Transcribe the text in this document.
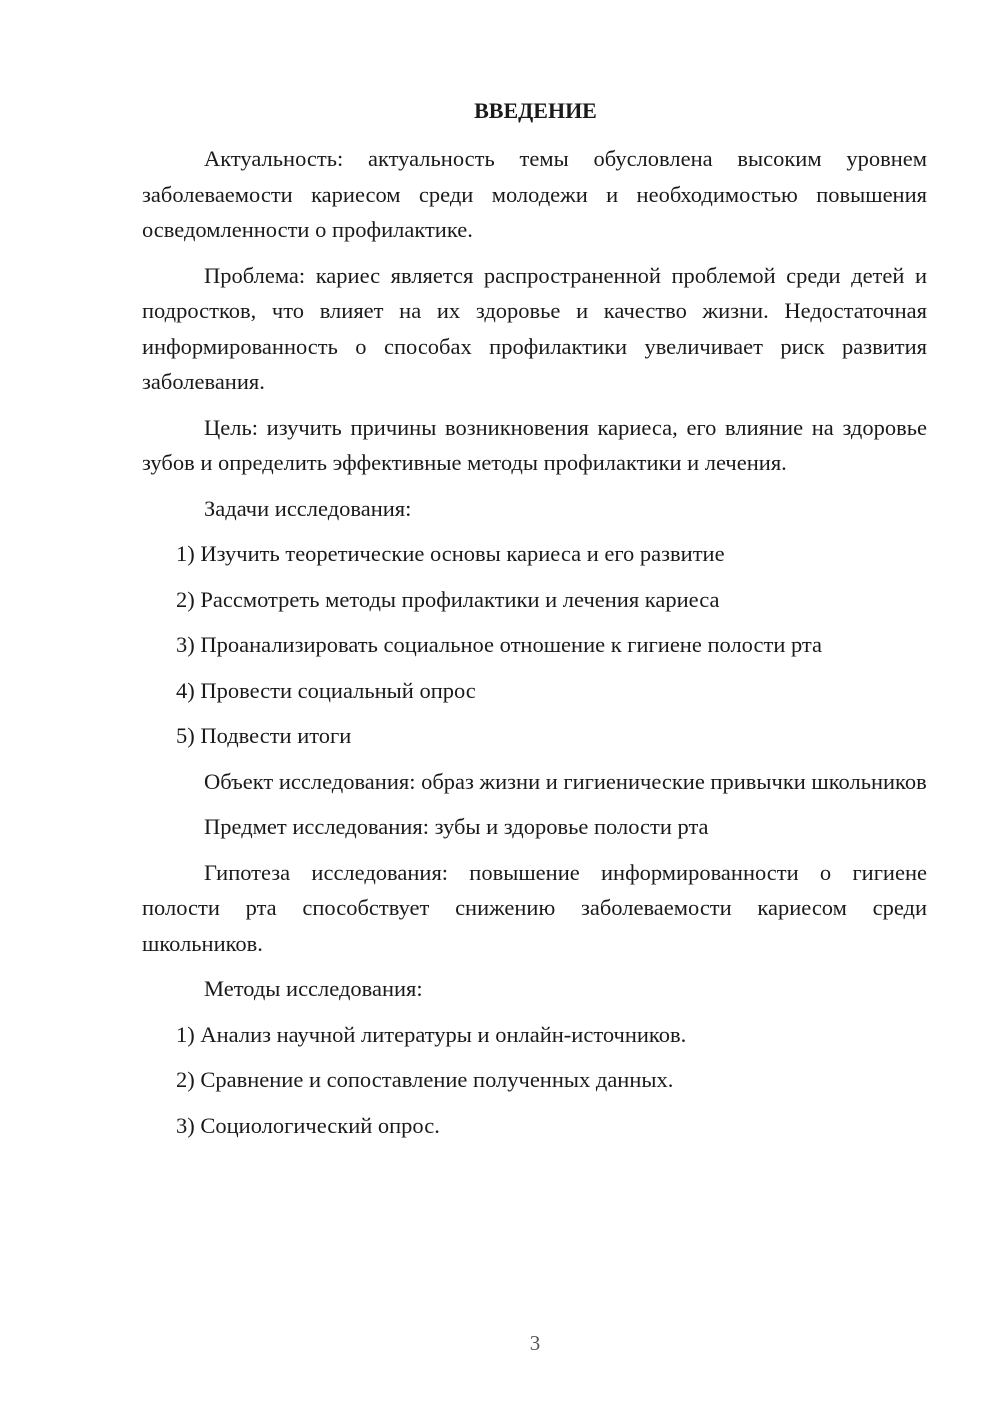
ВВЕДЕНИЕ
Актуальность: актуальность темы обусловлена высоким уровнем заболеваемости кариесом среди молодежи и необходимостью повышения осведомленности о профилактике.
Проблема: кариес является распространенной проблемой среди детей и подростков, что влияет на их здоровье и качество жизни. Недостаточная информированность о способах профилактики увеличивает риск развития заболевания.
Цель: изучить причины возникновения кариеса, его влияние на здоровье зубов и определить эффективные методы профилактики и лечения.
Задачи исследования:
1) Изучить теоретические основы кариеса и его развитие
2) Рассмотреть методы профилактики и лечения кариеса
3) Проанализировать социальное отношение к гигиене полости рта
4) Провести социальный опрос
5) Подвести итоги
Объект исследования: образ жизни и гигиенические привычки школьников
Предмет исследования: зубы и здоровье полости рта
Гипотеза исследования: повышение информированности о гигиене полости рта способствует снижению заболеваемости кариесом среди школьников.
Методы исследования:
1) Анализ научной литературы и онлайн-источников.
2) Сравнение и сопоставление полученных данных.
3) Социологический опрос.
3
